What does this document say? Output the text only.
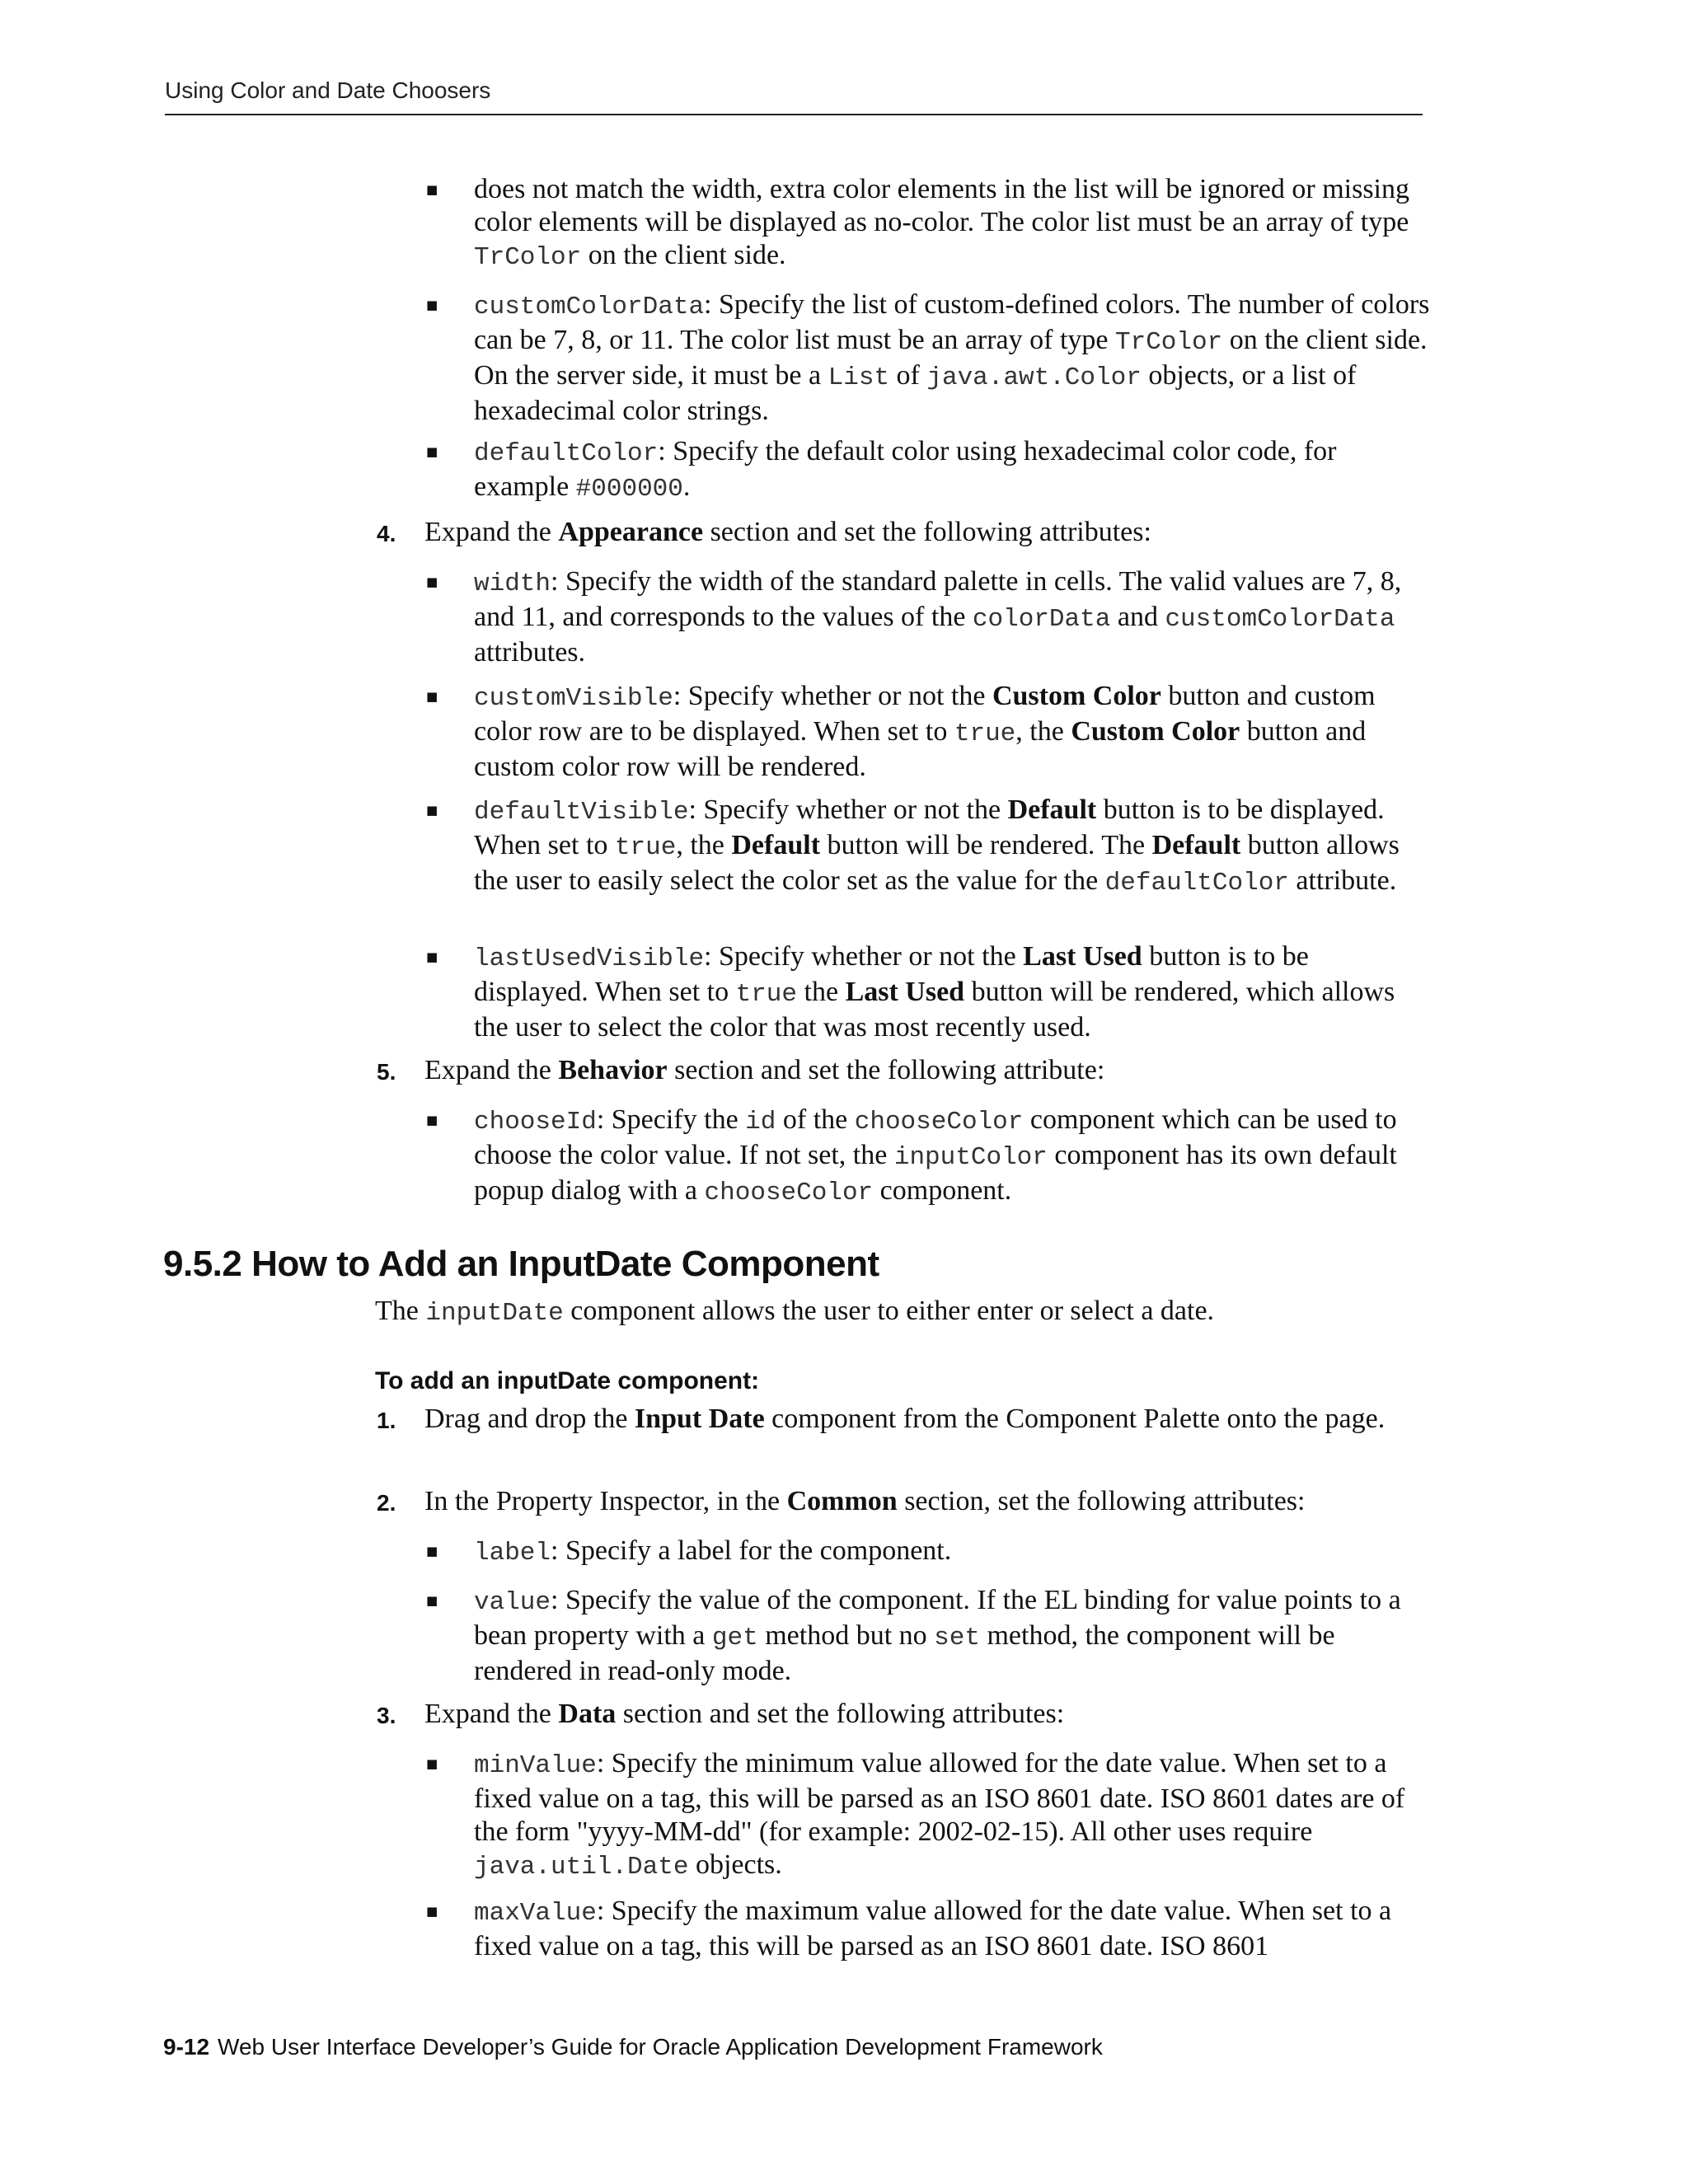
Using Color and Date Choosers

■ does not match the width, extra color elements in the list will be ignored or missing color elements will be displayed as no-color. The color list must be an array of type TrColor on the client side.

■ customColorData: Specify the list of custom-defined colors. The number of colors can be 7, 8, or 11. The color list must be an array of type TrColor on the client side. On the server side, it must be a List of java.awt.Color objects, or a list of hexadecimal color strings.

■ defaultColor: Specify the default color using hexadecimal color code, for example #000000.

4. Expand the Appearance section and set the following attributes:

■ width: Specify the width of the standard palette in cells. The valid values are 7, 8, and 11, and corresponds to the values of the colorData and customColorData attributes.

■ customVisible: Specify whether or not the Custom Color button and custom color row are to be displayed. When set to true, the Custom Color button and custom color row will be rendered.

■ defaultVisible: Specify whether or not the Default button is to be displayed. When set to true, the Default button will be rendered. The Default button allows the user to easily select the color set as the value for the defaultColor attribute.

■ lastUsedVisible: Specify whether or not the Last Used button is to be displayed. When set to true the Last Used button will be rendered, which allows the user to select the color that was most recently used.

5. Expand the Behavior section and set the following attribute:

■ chooseId: Specify the id of the chooseColor component which can be used to choose the color value. If not set, the inputColor component has its own default popup dialog with a chooseColor component.

9.5.2 How to Add an InputDate Component

The inputDate component allows the user to either enter or select a date.

To add an inputDate component:

1. Drag and drop the Input Date component from the Component Palette onto the page.

2. In the Property Inspector, in the Common section, set the following attributes:

■ label: Specify a label for the component.

■ value: Specify the value of the component. If the EL binding for value points to a bean property with a get method but no set method, the component will be rendered in read-only mode.

3. Expand the Data section and set the following attributes:

■ minValue: Specify the minimum value allowed for the date value. When set to a fixed value on a tag, this will be parsed as an ISO 8601 date. ISO 8601 dates are of the form "yyyy-MM-dd" (for example: 2002-02-15). All other uses require java.util.Date objects.

■ maxValue: Specify the maximum value allowed for the date value. When set to a fixed value on a tag, this will be parsed as an ISO 8601 date. ISO 8601

9-12 Web User Interface Developer’s Guide for Oracle Application Development Framework
